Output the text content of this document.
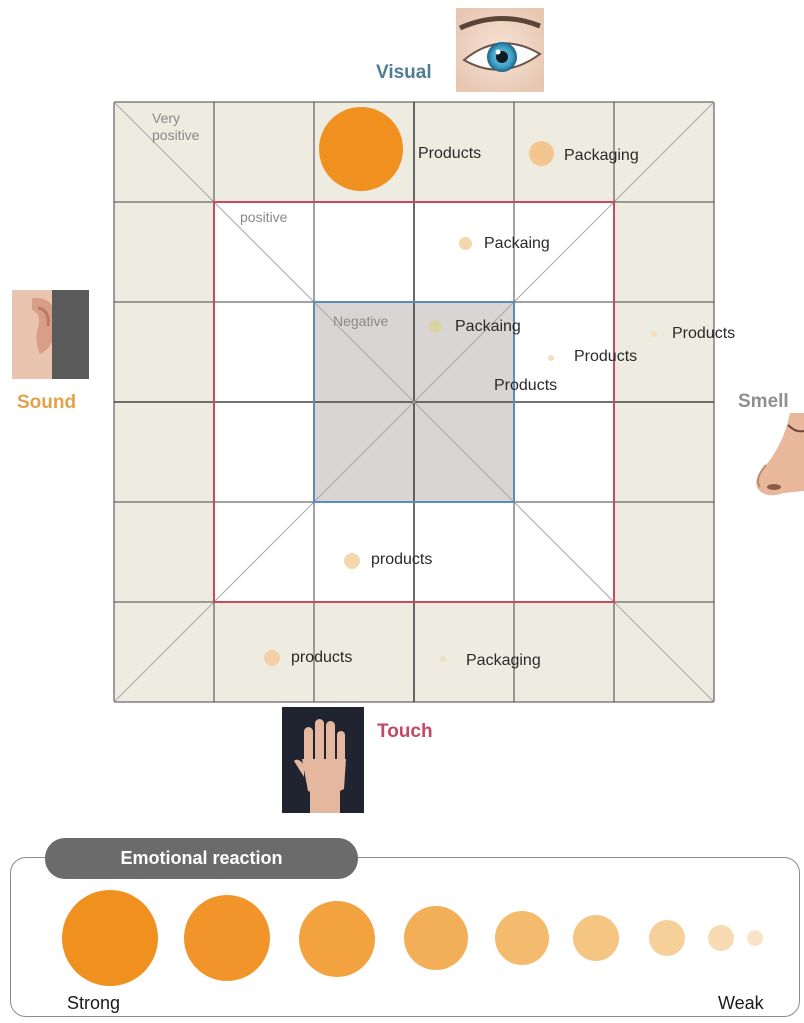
Very positive
positive
Negative
Products	Packaging
Packaing
Packaing	Products
Products
Products
products
products	Packaging
Visual
Sound	Smell
Touch
Emotional reaction
Strong	Weak
